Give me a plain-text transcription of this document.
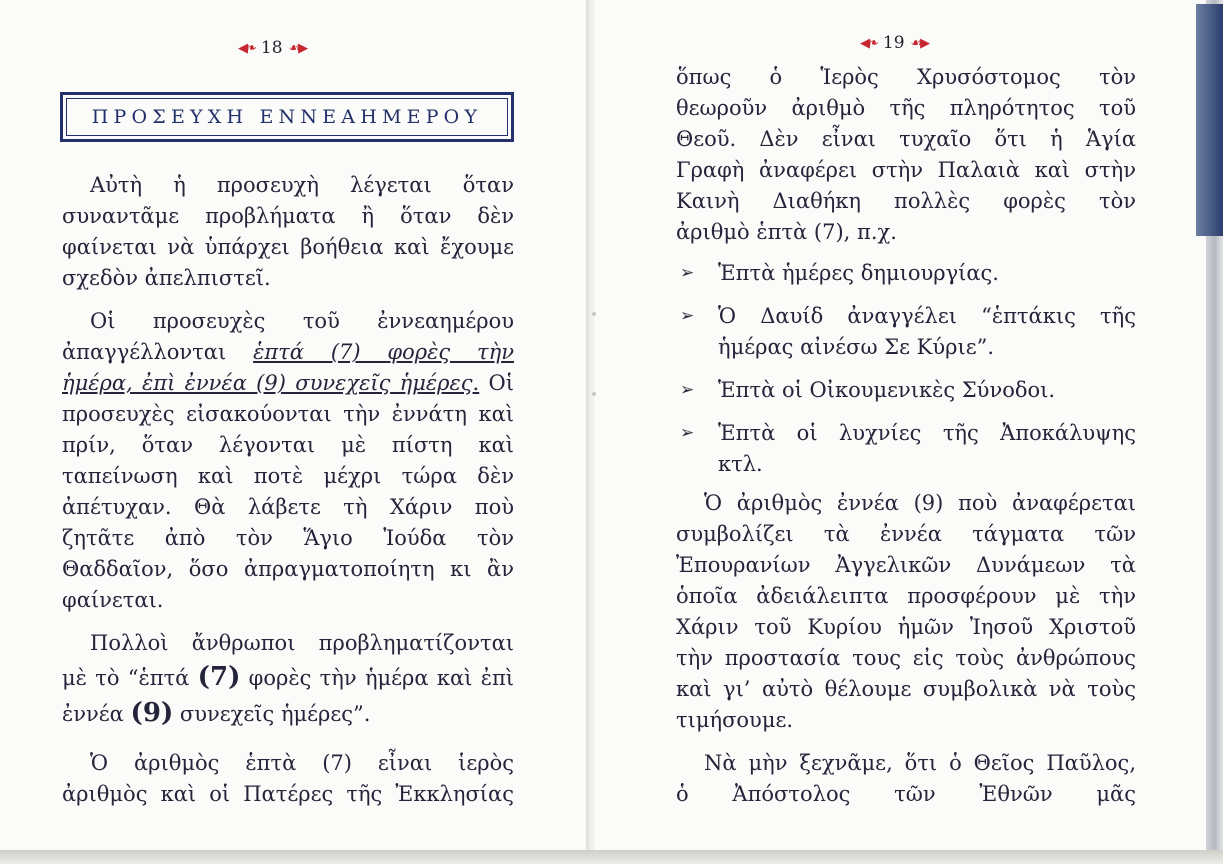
◀❧ 18 ☙▶
ΠΡΟΣΕΥΧΗ ΕΝΝΕΑΗΜΕΡΟΥ
Αὐτὴ ἡ προσευχὴ λέγεται ὅταν
συναντᾶμε προβλήματα ἢ ὅταν δὲν
φαίνεται νὰ ὑπάρχει βοήθεια καὶ ἔχουμε
σχεδὸν ἀπελπιστεῖ.
Οἱ προσευχὲς τοῦ ἐννεαημέρου
ἀπαγγέλλονται ἑπτά (7) φορὲς τὴν
ἡμέρα, ἐπὶ ἐννέα (9) συνεχεῖς ἡμέρες. Οἱ
προσευχὲς εἰσακούονται τὴν ἐννάτη καὶ
πρίν, ὅταν λέγονται μὲ πίστη καὶ
ταπείνωση καὶ ποτὲ μέχρι τώρα δὲν
ἀπέτυχαν. Θὰ λάβετε τὴ Χάριν ποὺ
ζητᾶτε ἀπὸ τὸν Ἅγιο Ἰούδα τὸν
Θαδδαῖον, ὅσο ἀπραγματοποίητη κι ἂν
φαίνεται.
Πολλοὶ ἄνθρωποι προβληματίζονται
μὲ τὸ “ἑπτά (7) φορὲς τὴν ἡμέρα καὶ ἐπὶ
ἐννέα (9) συνεχεῖς ἡμέρες”.
Ὁ ἀριθμὸς ἑπτὰ (7) εἶναι ἱερὸς
ἀριθμὸς καὶ οἱ Πατέρες τῆς Ἐκκλησίας
◀❧ 19 ☙▶
ὅπως ὁ Ἱερὸς Χρυσόστομος τὸν
θεωροῦν ἀριθμὸ τῆς πληρότητος τοῦ
Θεοῦ. Δὲν εἶναι τυχαῖο ὅτι ἡ Ἁγία
Γραφὴ ἀναφέρει στὴν Παλαιὰ καὶ στὴν
Καινὴ Διαθήκη πολλὲς φορὲς τὸν
ἀριθμὸ ἑπτὰ (7), π.χ.
➢ Ἑπτὰ ἡμέρες δημιουργίας.
➢ Ὁ Δαυίδ ἀναγγέλει “ἑπτάκις τῆς
ἡμέρας αἰνέσω Σε Κύριε”.
➢ Ἑπτὰ οἱ Οἰκουμενικὲς Σύνοδοι.
➢ Ἑπτὰ οἱ λυχνίες τῆς Ἀποκάλυψης
κτλ.
Ὁ ἀριθμὸς ἐννέα (9) ποὺ ἀναφέρεται
συμβολίζει τὰ ἐννέα τάγματα τῶν
Ἐπουρανίων Ἀγγελικῶν Δυνάμεων τὰ
ὁποῖα ἀδειάλειπτα προσφέρουν μὲ τὴν
Χάριν τοῦ Κυρίου ἡμῶν Ἰησοῦ Χριστοῦ
τὴν προστασία τους εἰς τοὺς ἀνθρώπους
καὶ γι’ αὐτὸ θέλουμε συμβολικὰ νὰ τοὺς
τιμήσουμε.
Νὰ μὴν ξεχνᾶμε, ὅτι ὁ Θεῖος Παῦλος,
ὁ Ἀπόστολος τῶν Ἐθνῶν μᾶς
